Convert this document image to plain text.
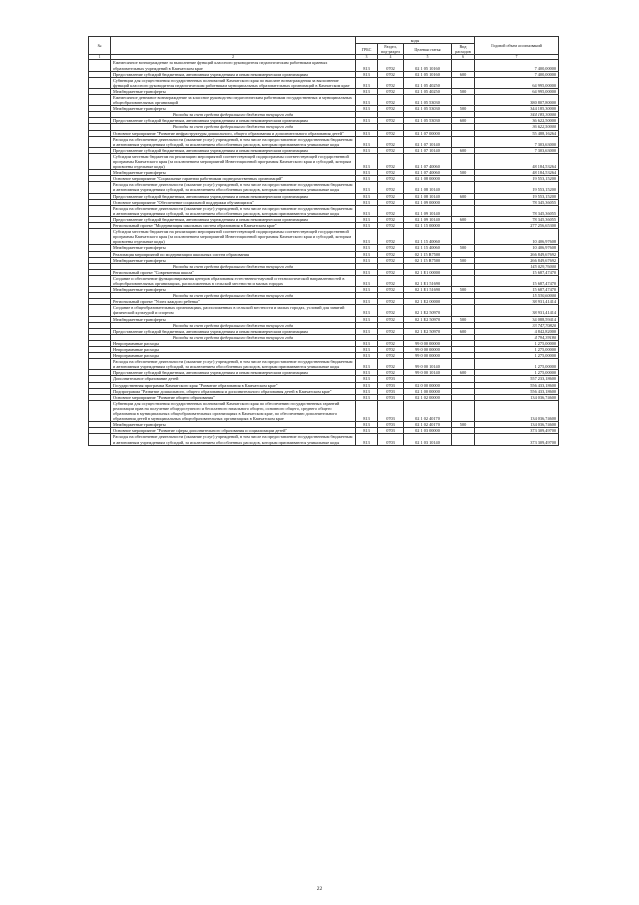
№		коды				Годовой объем ассигнований
		ГРБС	Раздел, под-раздел	Целевая статья	Вид расходов	
1	2	3	4	5	6	7
	Ежемесячное вознаграждение за выполнение функций классного руководителя педагогическим работникам краевых образовательных учреждений в Камчатском крае	813	0702	02 1 05 10160		7 400,00000
	Предоставление субсидий бюджетным, автономным учреждениям и иным некоммерческим организациям	813	0702	02 1 05 10160	600	7 400,00000
	Субвенции для осуществления государственных полномочий Камчатского края по выплате вознаграждения за выполнение функций классного руководителя педагогическим работникам муниципальных образовательных организаций в Камчатском крае	813	0702	02 1 05 40250		64 995,00000
	Межбюджетные трансферты	813	0702	02 1 05 40250	500	64 995,00000
	Ежемесячное денежное вознаграждение за классное руководство педагогическим работникам государственных и муниципальных общеобразовательных организаций	813	0702	02 1 05 53030		380 807,80000
	Межбюджетные трансферты	813	0702	02 1 05 53030	500	344 185,30000
	Расходы за счет средств федерального бюджета текущего года					344 185,30000
	Предоставление субсидий бюджетным, автономным учреждениям и иным некоммерческим организациям	813	0702	02 1 05 53030	600	36 622,50000
	Расходы за счет средств федерального бюджета текущего года					36 622,50000
	Основное мероприятие "Развитие инфраструктуры дошкольного, общего образования и дополнительного образования детей"	813	0702	02 1 07 00000		55 488,16264
	Расходы на обеспечение деятельности (оказание услуг) учреждений, в том числе на предоставление государственным бюджетным и автономным учреждениям субсидий, за исключением обособленных расходов, которым присваиваются уникальные коды	813	0702	02 1 07 10140		7 303,63000
	Предоставление субсидий бюджетным, автономным учреждениям и иным некоммерческим организациям	813	0702	02 1 07 10140	600	7 303,63000
	Субсидии местным бюджетам на реализацию мероприятий соответствующей подпрограммы соответствующей государственной программы Камчатского края (за исключением мероприятий Инвестиционной программы Камчатского края и субсидий, которым присвоены отдельные коды)	813	0702	02 1 07 40060		48 184,53264
	Межбюджетные трансферты	813	0702	02 1 07 40060	500	48 184,53264
	Основное мероприятие "Социальные гарантии работникам подведомственных организаций"	813	0702	02 1 08 00000		19 553,15200
	Расходы на обеспечение деятельности (оказание услуг) учреждений, в том числе на предоставление государственным бюджетным и автономным учреждениям субсидий, за исключением обособленных расходов, которым присваиваются уникальные коды	813	0702	02 1 08 10140		19 553,15200
	Предоставление субсидий бюджетным, автономным учреждениям и иным некоммерческим организациям	813	0702	02 1 08 10140	600	19 553,15200
	Основное мероприятие "Обеспечение социальной поддержки обучающихся"	813	0702	02 1 09 00000		78 345,36055
	Расходы на обеспечение деятельности (оказание услуг) учреждений, в том числе на предоставление государственным бюджетным и автономным учреждениям субсидий, за исключением обособленных расходов, которым присваиваются уникальные коды	813	0702	02 1 09 10140		78 345,36055
	Предоставление субсидий бюджетным, автономным учреждениям и иным некоммерческим организациям	813	0702	02 1 09 10140	600	78 345,36055
	Региональный проект "Модернизация школьных систем образования в Камчатском крае"	813	0702	02 1 15 00000		277 256,65300
	Субсидии местным бюджетам на реализацию мероприятий соответствующей подпрограммы соответствующей государственной программы Камчатского края (за исключением мероприятий Инвестиционной программы Камчатского края и субсидий, которым присвоены отдельные коды)	813	0702	02 1 15 40060		10 406,97608
	Межбюджетные трансферты	813	0702	02 1 15 40060	500	10 406,97608
	Реализация мероприятий по модернизации школьных систем образования	813	0702	02 1 15 R7500		266 849,67692
	Межбюджетные трансферты	813	0702	02 1 15 R7500	500	266 849,67692
	Расходы за счет средств федерального бюджета текущего года					145 029,76000
	Региональный проект "Современная школа"	813	0702	02 1 E1 00000		15 687,47470
	Создание и обеспечение функционирования центров образования естественно-научной и технологической направленностей в общеобразовательных организациях, расположенных в сельской местности и малых городах	813	0702	02 1 E1 51690		15 687,47470
	Межбюджетные трансферты	813	0702	02 1 E1 51690	500	15 687,47470
	Расходы за счет средств федерального бюджета текущего года					15 530,60000
	Региональный проект "Успех каждого ребенка"	813	0702	02 1 E2 00000		38 931,41414
	Создание в общеобразовательных организациях, расположенных в сельской местности и малых городах, условий для занятий физической культурой и спортом	813	0702	02 1 E2 50970		38 931,41414
	Межбюджетные трансферты	813	0702	02 1 E2 50970	500	34 088,59414
	Расходы за счет средств федерального бюджета текущего года					33 747,70820
	Предоставление субсидий бюджетным, автономным учреждениям и иным некоммерческим организациям	813	0702	02 1 E2 50970	600	4 842,82000
	Расходы за счет средств федерального бюджета текущего года					4 794,39180
	Непрограммные расходы	813	0702	99 0 00 00000		1 275,00000
	Непрограммные расходы	813	0702	99 0 00 00000		1 275,00000
	Непрограммные расходы	813	0702	99 0 00 00000		1 275,00000
	Расходы на обеспечение деятельности (оказание услуг) учреждений, в том числе на предоставление государственным бюджетным и автономным учреждениям субсидий, за исключением обособленных расходов, которым присваиваются уникальные коды	813	0702	99 0 00 10140		1 275,00000
	Предоставление субсидий бюджетным, автономным учреждениям и иным некоммерческим организациям	813	0702	99 0 00 10140	600	1 275,00000
	Дополнительное образование детей	813	0703			557 233,18600
	Государственная программа Камчатского края "Развитие образования в Камчатском крае"	813	0703	02 0 00 00000		556 433,18600
	Подпрограмма "Развитие дошкольного, общего образования и дополнительного образования детей в Камчатском крае"	813	0703	02 1 00 00000		556 433,18600
	Основное мероприятие "Развитие общего образования"	813	0703	02 1 02 00000		134 036,74600
	Субвенции для осуществления государственных полномочий Камчатского края по обеспечению государственных гарантий реализации прав на получение общедоступного и бесплатного начального общего, основного общего, среднего общего образования в муниципальных общеобразовательных организациях в Камчатском крае, по обеспечению дополнительного образования детей в муниципальных общеобразовательных организациях в Камчатском крае	813	0703	02 1 02 40170		134 036,74600
	Межбюджетные трансферты	813	0703	02 1 02 40170	500	134 036,74600
	Основное мероприятие "Развитие сферы дополнительного образования и социализации детей"	813	0703	02 1 03 00000		373 309,49700
	Расходы на обеспечение деятельности (оказание услуг) учреждений, в том числе на предоставление государственным бюджетным и автономным учреждениям субсидий, за исключением обособленных расходов, которым присваиваются уникальные коды	813	0703	02 1 03 10140		373 309,49700
22
